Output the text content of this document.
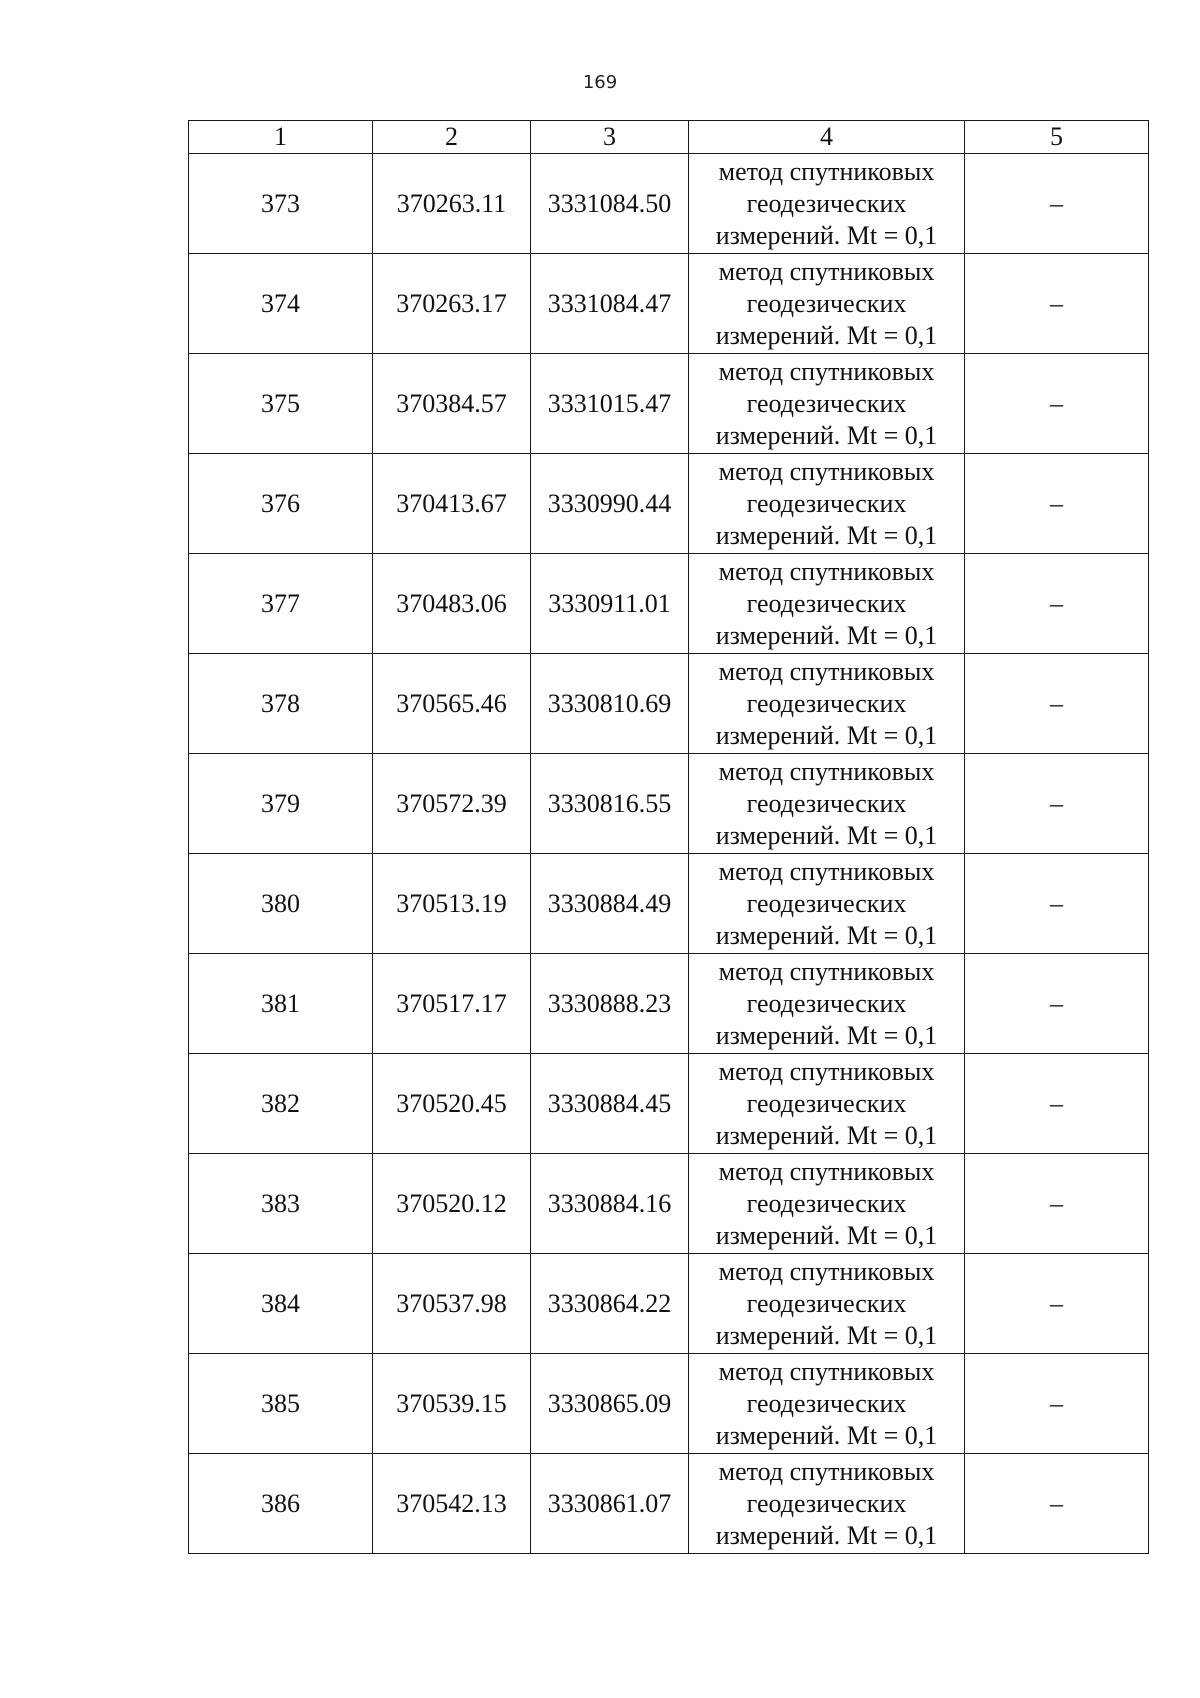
169
1	2	3	4	5
373	370263.11	3331084.50	метод спутниковых
геодезических
измерений. Mt = 0,1	–
374	370263.17	3331084.47	метод спутниковых
геодезических
измерений. Mt = 0,1	–
375	370384.57	3331015.47	метод спутниковых
геодезических
измерений. Mt = 0,1	–
376	370413.67	3330990.44	метод спутниковых
геодезических
измерений. Mt = 0,1	–
377	370483.06	3330911.01	метод спутниковых
геодезических
измерений. Mt = 0,1	–
378	370565.46	3330810.69	метод спутниковых
геодезических
измерений. Mt = 0,1	–
379	370572.39	3330816.55	метод спутниковых
геодезических
измерений. Mt = 0,1	–
380	370513.19	3330884.49	метод спутниковых
геодезических
измерений. Mt = 0,1	–
381	370517.17	3330888.23	метод спутниковых
геодезических
измерений. Mt = 0,1	–
382	370520.45	3330884.45	метод спутниковых
геодезических
измерений. Mt = 0,1	–
383	370520.12	3330884.16	метод спутниковых
геодезических
измерений. Mt = 0,1	–
384	370537.98	3330864.22	метод спутниковых
геодезических
измерений. Mt = 0,1	–
385	370539.15	3330865.09	метод спутниковых
геодезических
измерений. Mt = 0,1	–
386	370542.13	3330861.07	метод спутниковых
геодезических
измерений. Mt = 0,1	–
